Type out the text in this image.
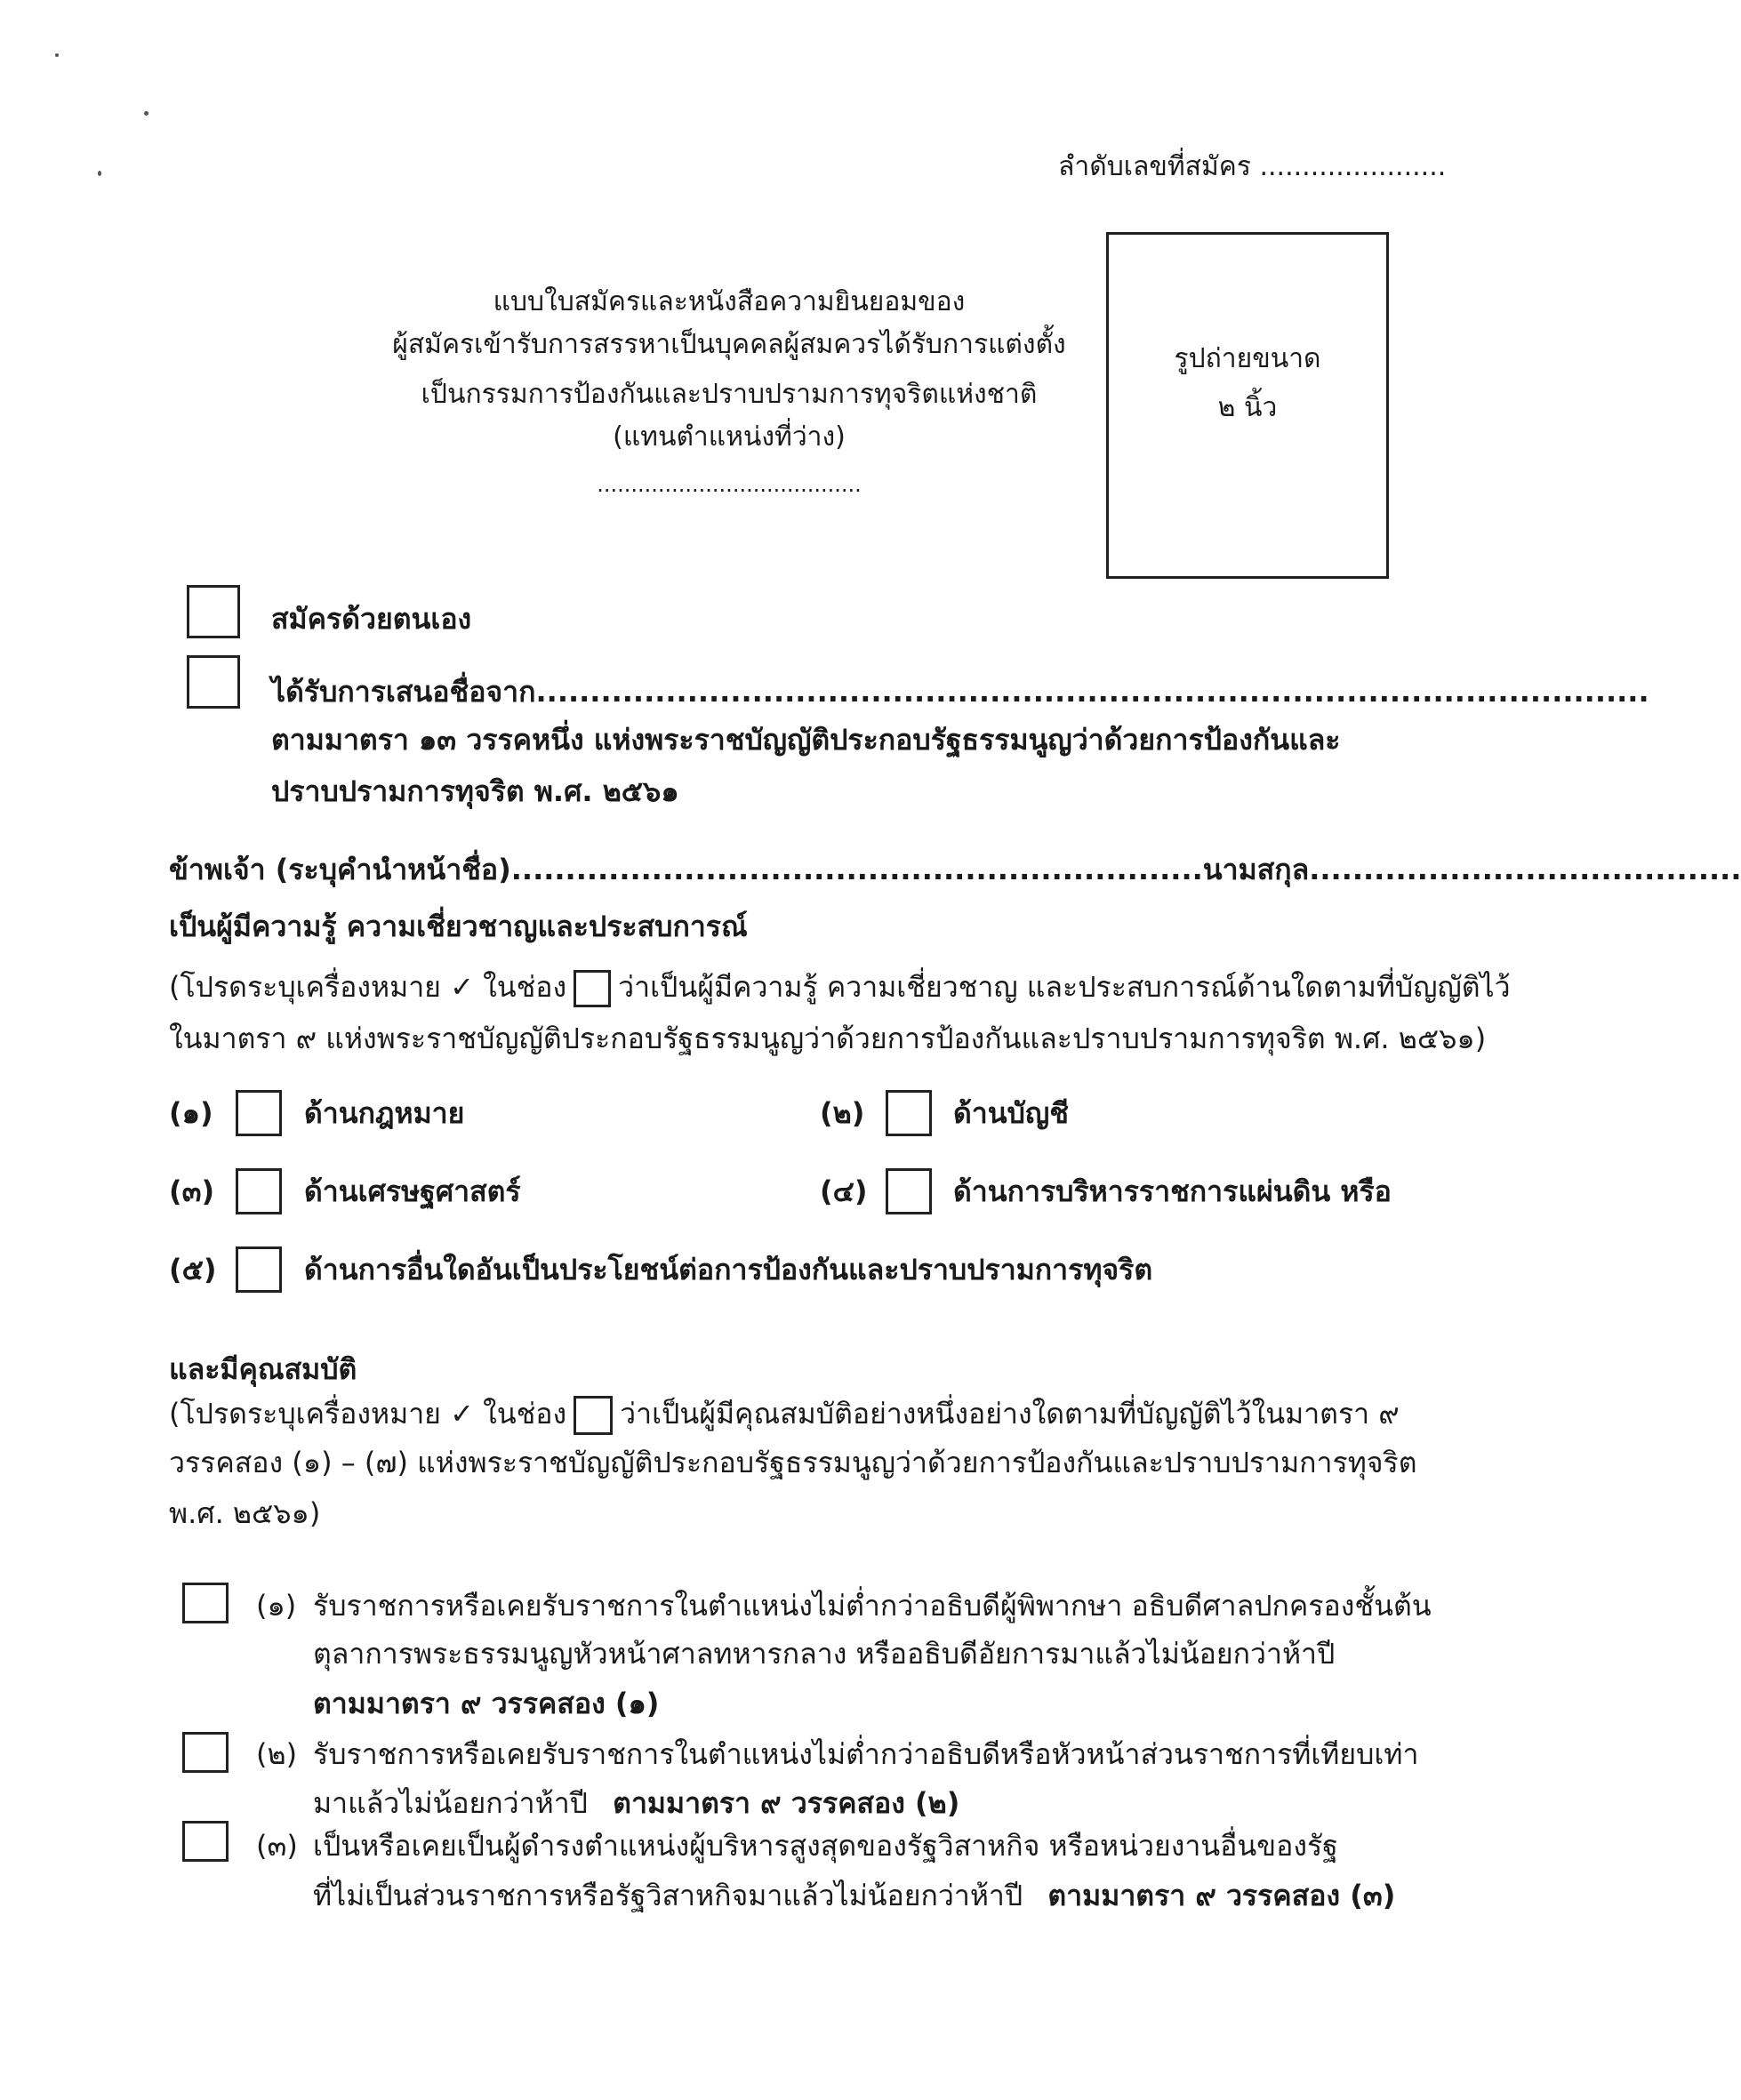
ลำดับเลขที่สมัคร ......................
แบบใบสมัครและหนังสือความยินยอมของ
ผู้สมัครเข้ารับการสรรหาเป็นบุคคลผู้สมควรได้รับการแต่งตั้ง
เป็นกรรมการป้องกันและปราบปรามการทุจริตแห่งชาติ
(แทนตำแหน่งที่ว่าง)
.......................................
รูปถ่ายขนาด
๒ นิ้ว
สมัครด้วยตนเอง
ได้รับการเสนอชื่อจาก.......................................................................................................
ตามมาตรา ๑๓ วรรคหนึ่ง แห่งพระราชบัญญัติประกอบรัฐธรรมนูญว่าด้วยการป้องกันและ
ปราบปรามการทุจริต พ.ศ. ๒๕๖๑
ข้าพเจ้า (ระบุคำนำหน้าชื่อ)................................................................นามสกุล........................................
เป็นผู้มีความรู้ ความเชี่ยวชาญและประสบการณ์
(โปรดระบุเครื่องหมาย ✓ ในช่อง ว่าเป็นผู้มีความรู้ ความเชี่ยวชาญ และประสบการณ์ด้านใดตามที่บัญญัติไว้
ในมาตรา ๙ แห่งพระราชบัญญัติประกอบรัฐธรรมนูญว่าด้วยการป้องกันและปราบปรามการทุจริต พ.ศ. ๒๕๖๑)
(๑)	ด้านกฎหมาย	(๒)	ด้านบัญชี
(๓)	ด้านเศรษฐศาสตร์	(๔)	ด้านการบริหารราชการแผ่นดิน หรือ
(๕)	ด้านการอื่นใดอันเป็นประโยชน์ต่อการป้องกันและปราบปรามการทุจริต
และมีคุณสมบัติ
(โปรดระบุเครื่องหมาย ✓ ในช่อง ว่าเป็นผู้มีคุณสมบัติอย่างหนึ่งอย่างใดตามที่บัญญัติไว้ในมาตรา ๙
วรรคสอง (๑) – (๗) แห่งพระราชบัญญัติประกอบรัฐธรรมนูญว่าด้วยการป้องกันและปราบปรามการทุจริต
พ.ศ. ๒๕๖๑)
(๑) รับราชการหรือเคยรับราชการในตำแหน่งไม่ต่ำกว่าอธิบดีผู้พิพากษา อธิบดีศาลปกครองชั้นต้น
ตุลาการพระธรรมนูญหัวหน้าศาลทหารกลาง หรืออธิบดีอัยการมาแล้วไม่น้อยกว่าห้าปี
ตามมาตรา ๙ วรรคสอง (๑)
(๒) รับราชการหรือเคยรับราชการในตำแหน่งไม่ต่ำกว่าอธิบดีหรือหัวหน้าส่วนราชการที่เทียบเท่า
มาแล้วไม่น้อยกว่าห้าปี ตามมาตรา ๙ วรรคสอง (๒)
(๓) เป็นหรือเคยเป็นผู้ดำรงตำแหน่งผู้บริหารสูงสุดของรัฐวิสาหกิจ หรือหน่วยงานอื่นของรัฐ
ที่ไม่เป็นส่วนราชการหรือรัฐวิสาหกิจมาแล้วไม่น้อยกว่าห้าปี ตามมาตรา ๙ วรรคสอง (๓)
